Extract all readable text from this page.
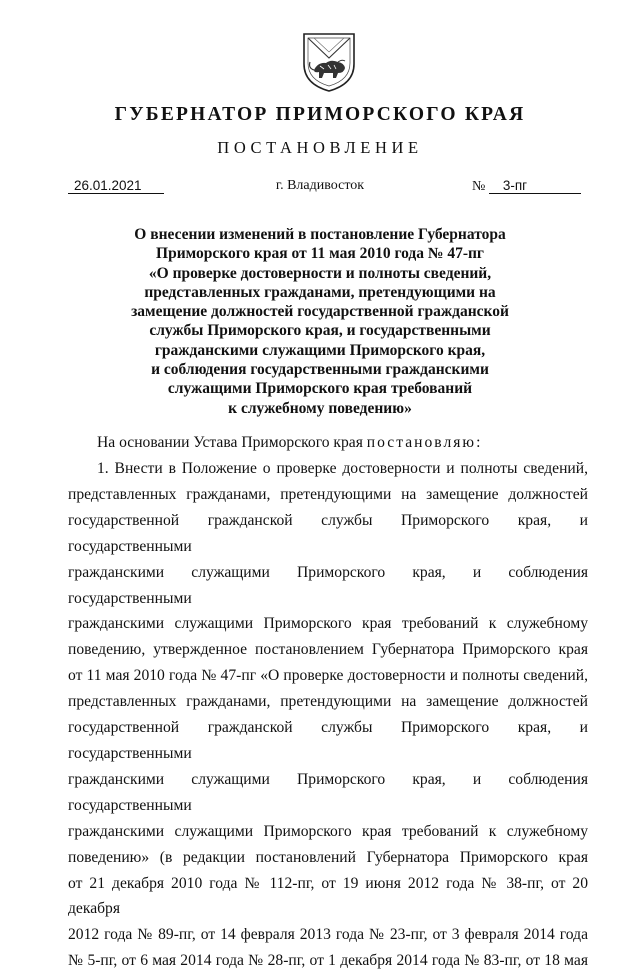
ГУБЕРНАТОР ПРИМОРСКОГО КРАЯ
ПОСТАНОВЛЕНИЕ
26.01.2021	г. Владивосток	№ 3-пг
О внесении изменений в постановление Губернатора
Приморского края от 11 мая 2010 года № 47-пг
«О проверке достоверности и полноты сведений,
представленных гражданами, претендующими на
замещение должностей государственной гражданской
службы Приморского края, и государственными
гражданскими служащими Приморского края,
и соблюдения государственными гражданскими
служащими Приморского края требований
к служебному поведению»
На основании Устава Приморского края постановляю:
1. Внести в Положение о проверке достоверности и полноты сведений,
представленных гражданами, претендующими на замещение должностей
государственной гражданской службы Приморского края, и государственными
гражданскими служащими Приморского края, и соблюдения государственными
гражданскими служащими Приморского края требований к служебному
поведению, утвержденное постановлением Губернатора Приморского края
от 11 мая 2010 года № 47-пг «О проверке достоверности и полноты сведений,
представленных гражданами, претендующими на замещение должностей
государственной гражданской службы Приморского края, и государственными
гражданскими служащими Приморского края, и соблюдения государственными
гражданскими служащими Приморского края требований к служебному
поведению» (в редакции постановлений Губернатора Приморского края
от 21 декабря 2010 года № 112-пг, от 19 июня 2012 года № 38-пг, от 20 декабря
2012 года № 89-пг, от 14 февраля 2013 года № 23-пг, от 3 февраля 2014 года
№ 5-пг, от 6 мая 2014 года № 28-пг, от 1 декабря 2014 года № 83-пг, от 18 мая
